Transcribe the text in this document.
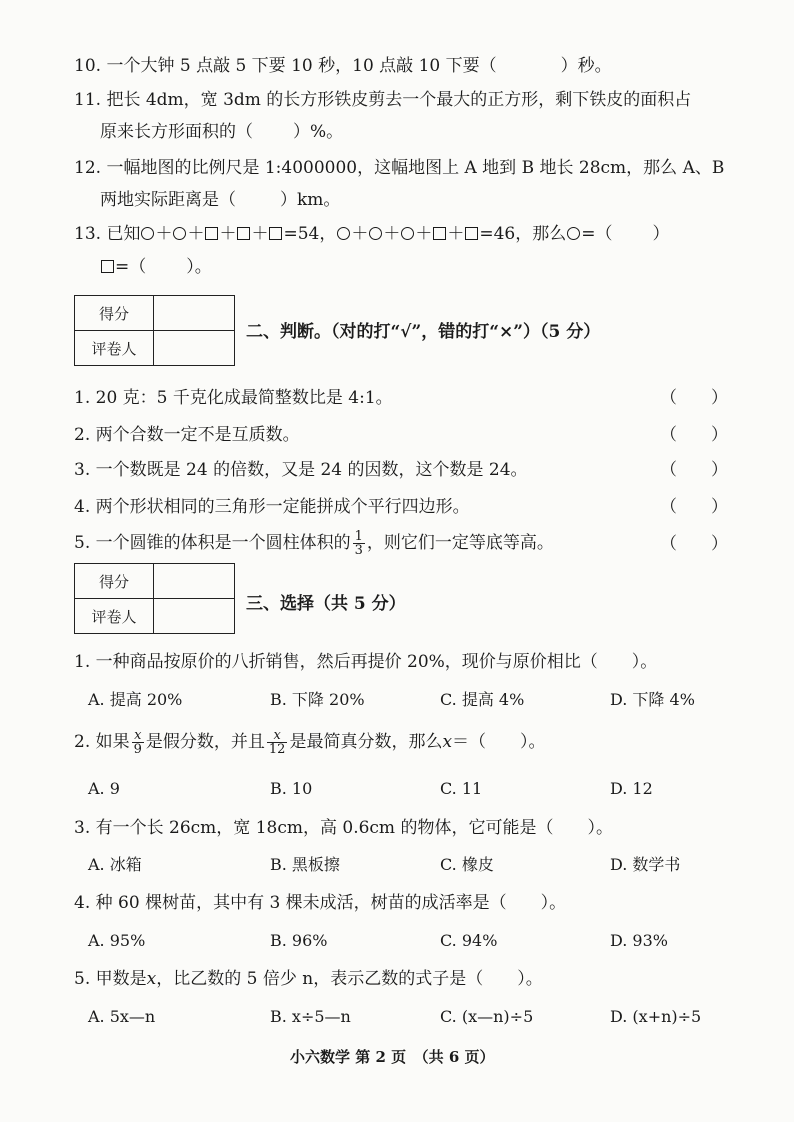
10. 一个大钟 5 点敲 5 下要 10 秒，10 点敲 10 下要（	）秒。
11. 把长 4dm，宽 3dm 的长方形铁皮剪去一个最大的正方形，剩下铁皮的面积占
原来长方形面积的（ ）%。
12. 一幅地图的比例尺是 1:4000000，这幅地图上 A 地到 B 地长 28cm，那么 A、B
两地实际距离是（	）km。
13. 已知 ＋ ＋ ＋ ＋ =54， ＋ ＋ ＋ ＋ =46，那么 =（ ）
=（ ）。
得分	
评卷人	
二、判断。（对的打“√”，错的打“×”）（5 分）
1. 20 克：5 千克化成最简整数比是 4:1。	（　　）
2. 两个合数一定不是互质数。	（　　）
3. 一个数既是 24 的倍数，又是 24 的因数，这个数是 24。	（　　）
4. 两个形状相同的三角形一定能拼成个平行四边形。	（　　）
5. 一个圆锥的体积是一个圆柱体积的 $\frac{1}{3}$ ，则它们一定等底等高。	（　　）
得分	
评卷人	
三、选择（共 5 分）
1. 一种商品按原价的八折销售，然后再提价 20%，现价与原价相比（　　）。
A. 提高 20%	B. 下降 20%	C. 提高 4%	D. 下降 4%
2. 如果 $\frac{x}{9}$ 是假分数，并且 $\frac{x}{12}$ 是最简真分数，那么x＝（　　）。
A. 9	B. 10	C. 11	D. 12
3. 有一个长 26cm，宽 18cm，高 0.6cm 的物体，它可能是（　　）。
A. 冰箱	B. 黑板擦	C. 橡皮	D. 数学书
4. 种 60 棵树苗，其中有 3 棵未成活，树苗的成活率是（　　）。
A. 95%	B. 96%	C. 94%	D. 93%
5. 甲数是x，比乙数的 5 倍少 n，表示乙数的式子是（　　）。
A. 5x—n	B. x÷5—n	C. (x—n)÷5	D. (x+n)÷5
小六数学 第 2 页　（共 6 页）
